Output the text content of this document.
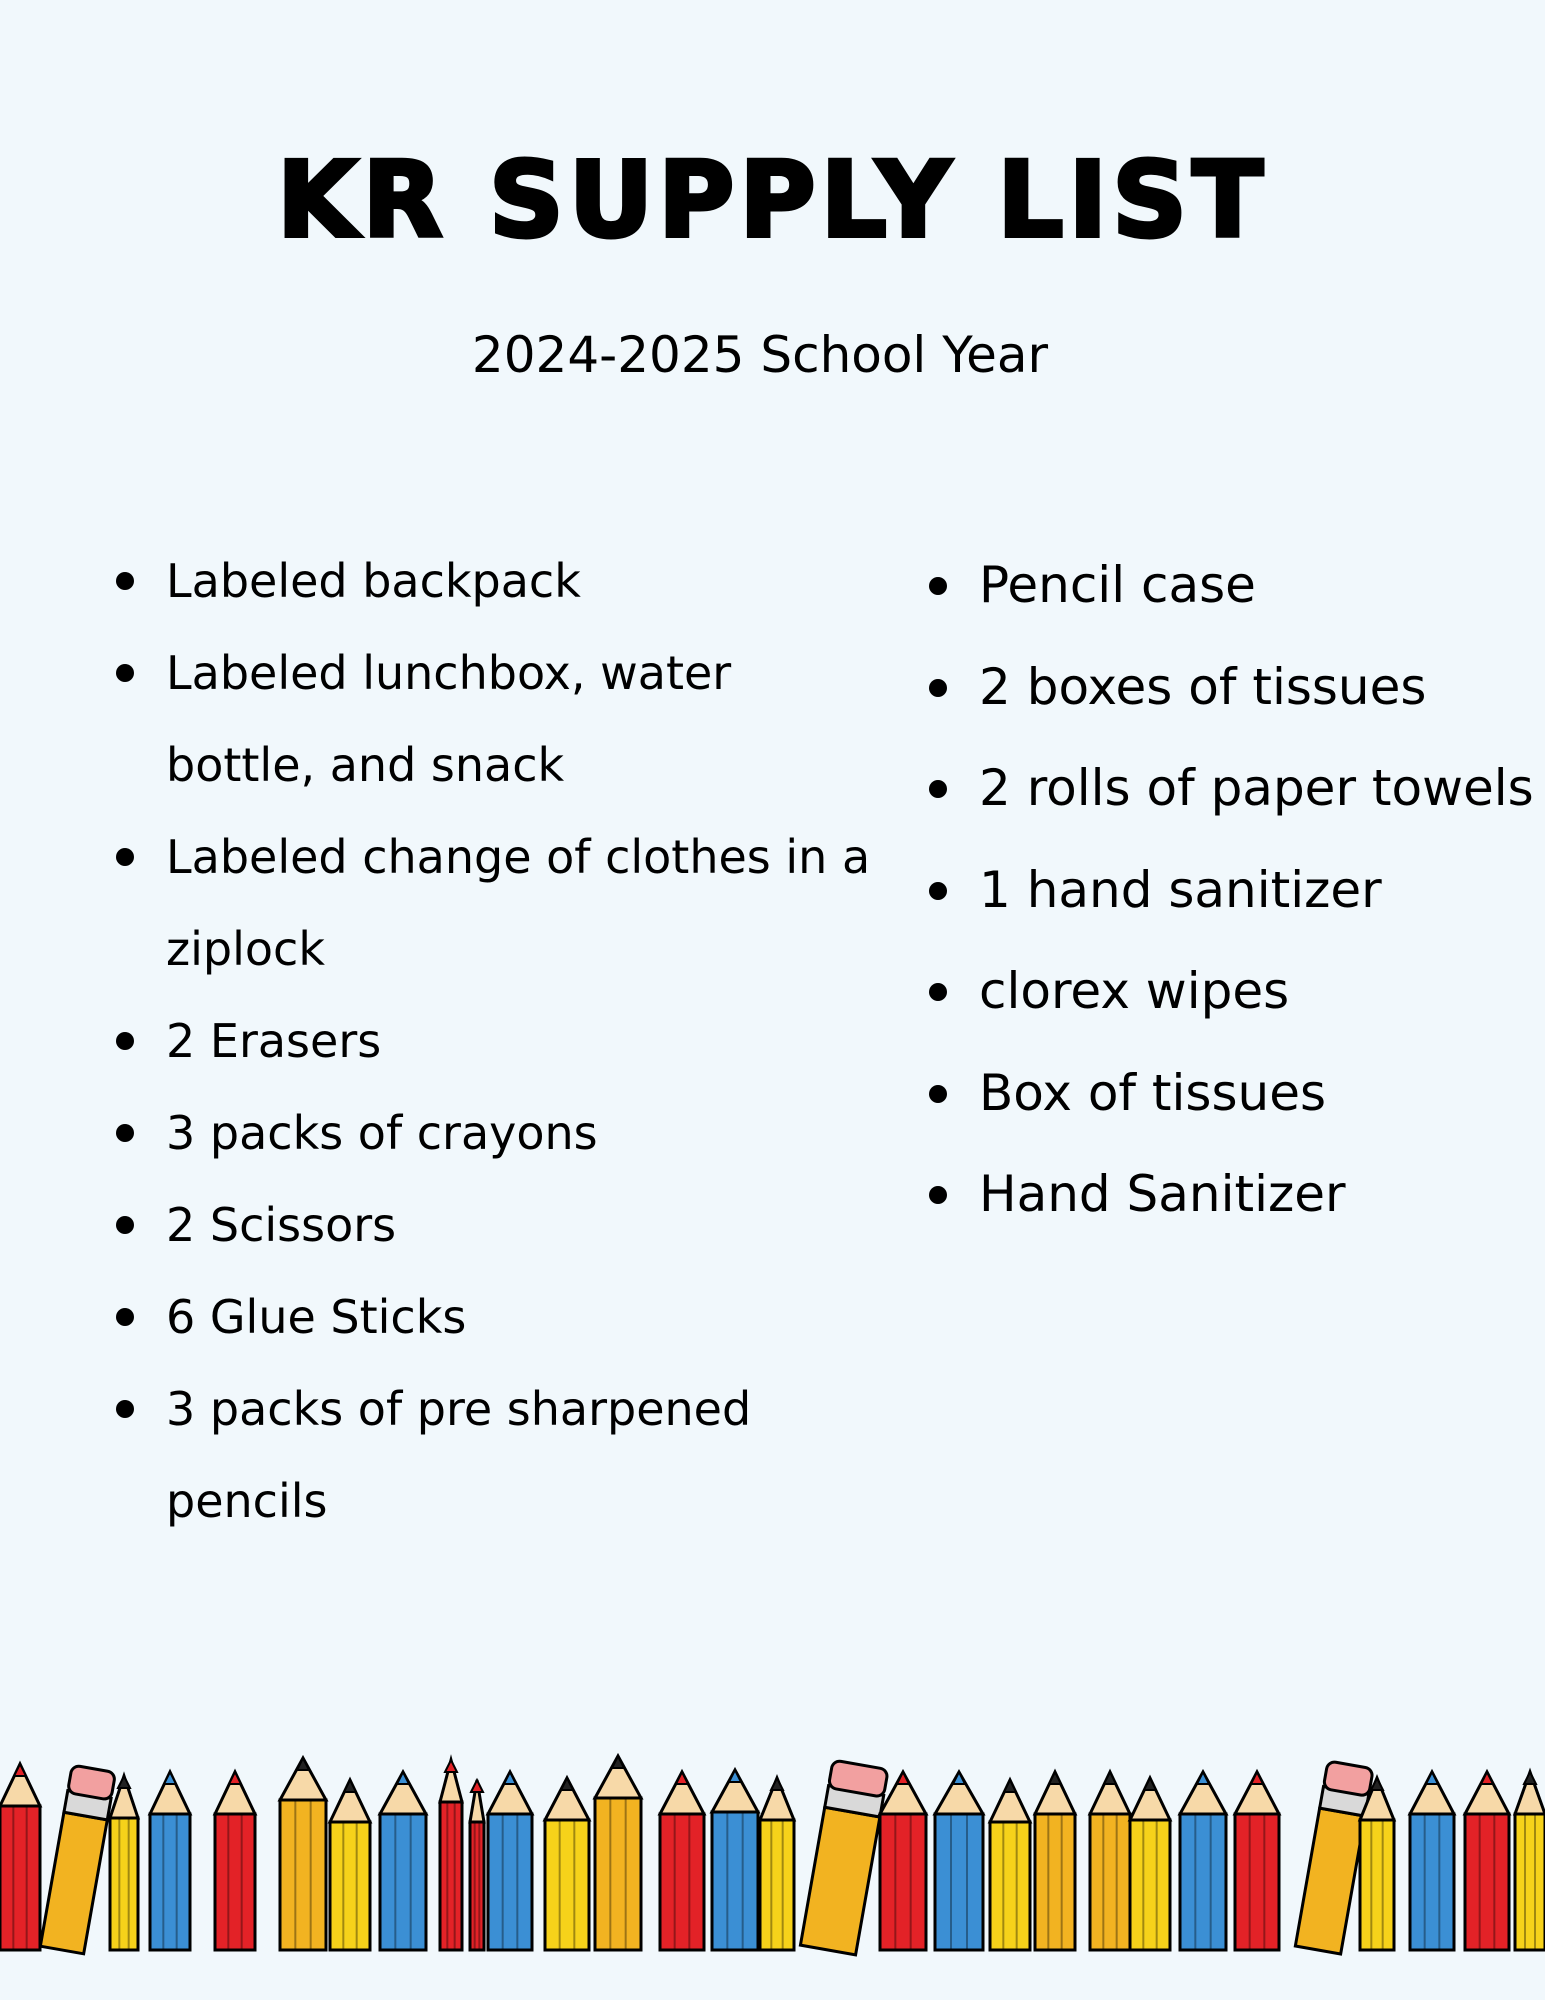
KR SUPPLY LIST
2024-2025 School Year
Labeled backpack
Labeled lunchbox, water bottle, and snack
Labeled change of clothes in a ziplock
2 Erasers
3 packs of crayons
2 Scissors
6 Glue Sticks
3 packs of pre sharpened pencils
Pencil case
2 boxes of tissues
2 rolls of paper towels
1 hand sanitizer
clorex wipes
Box of tissues
Hand Sanitizer
